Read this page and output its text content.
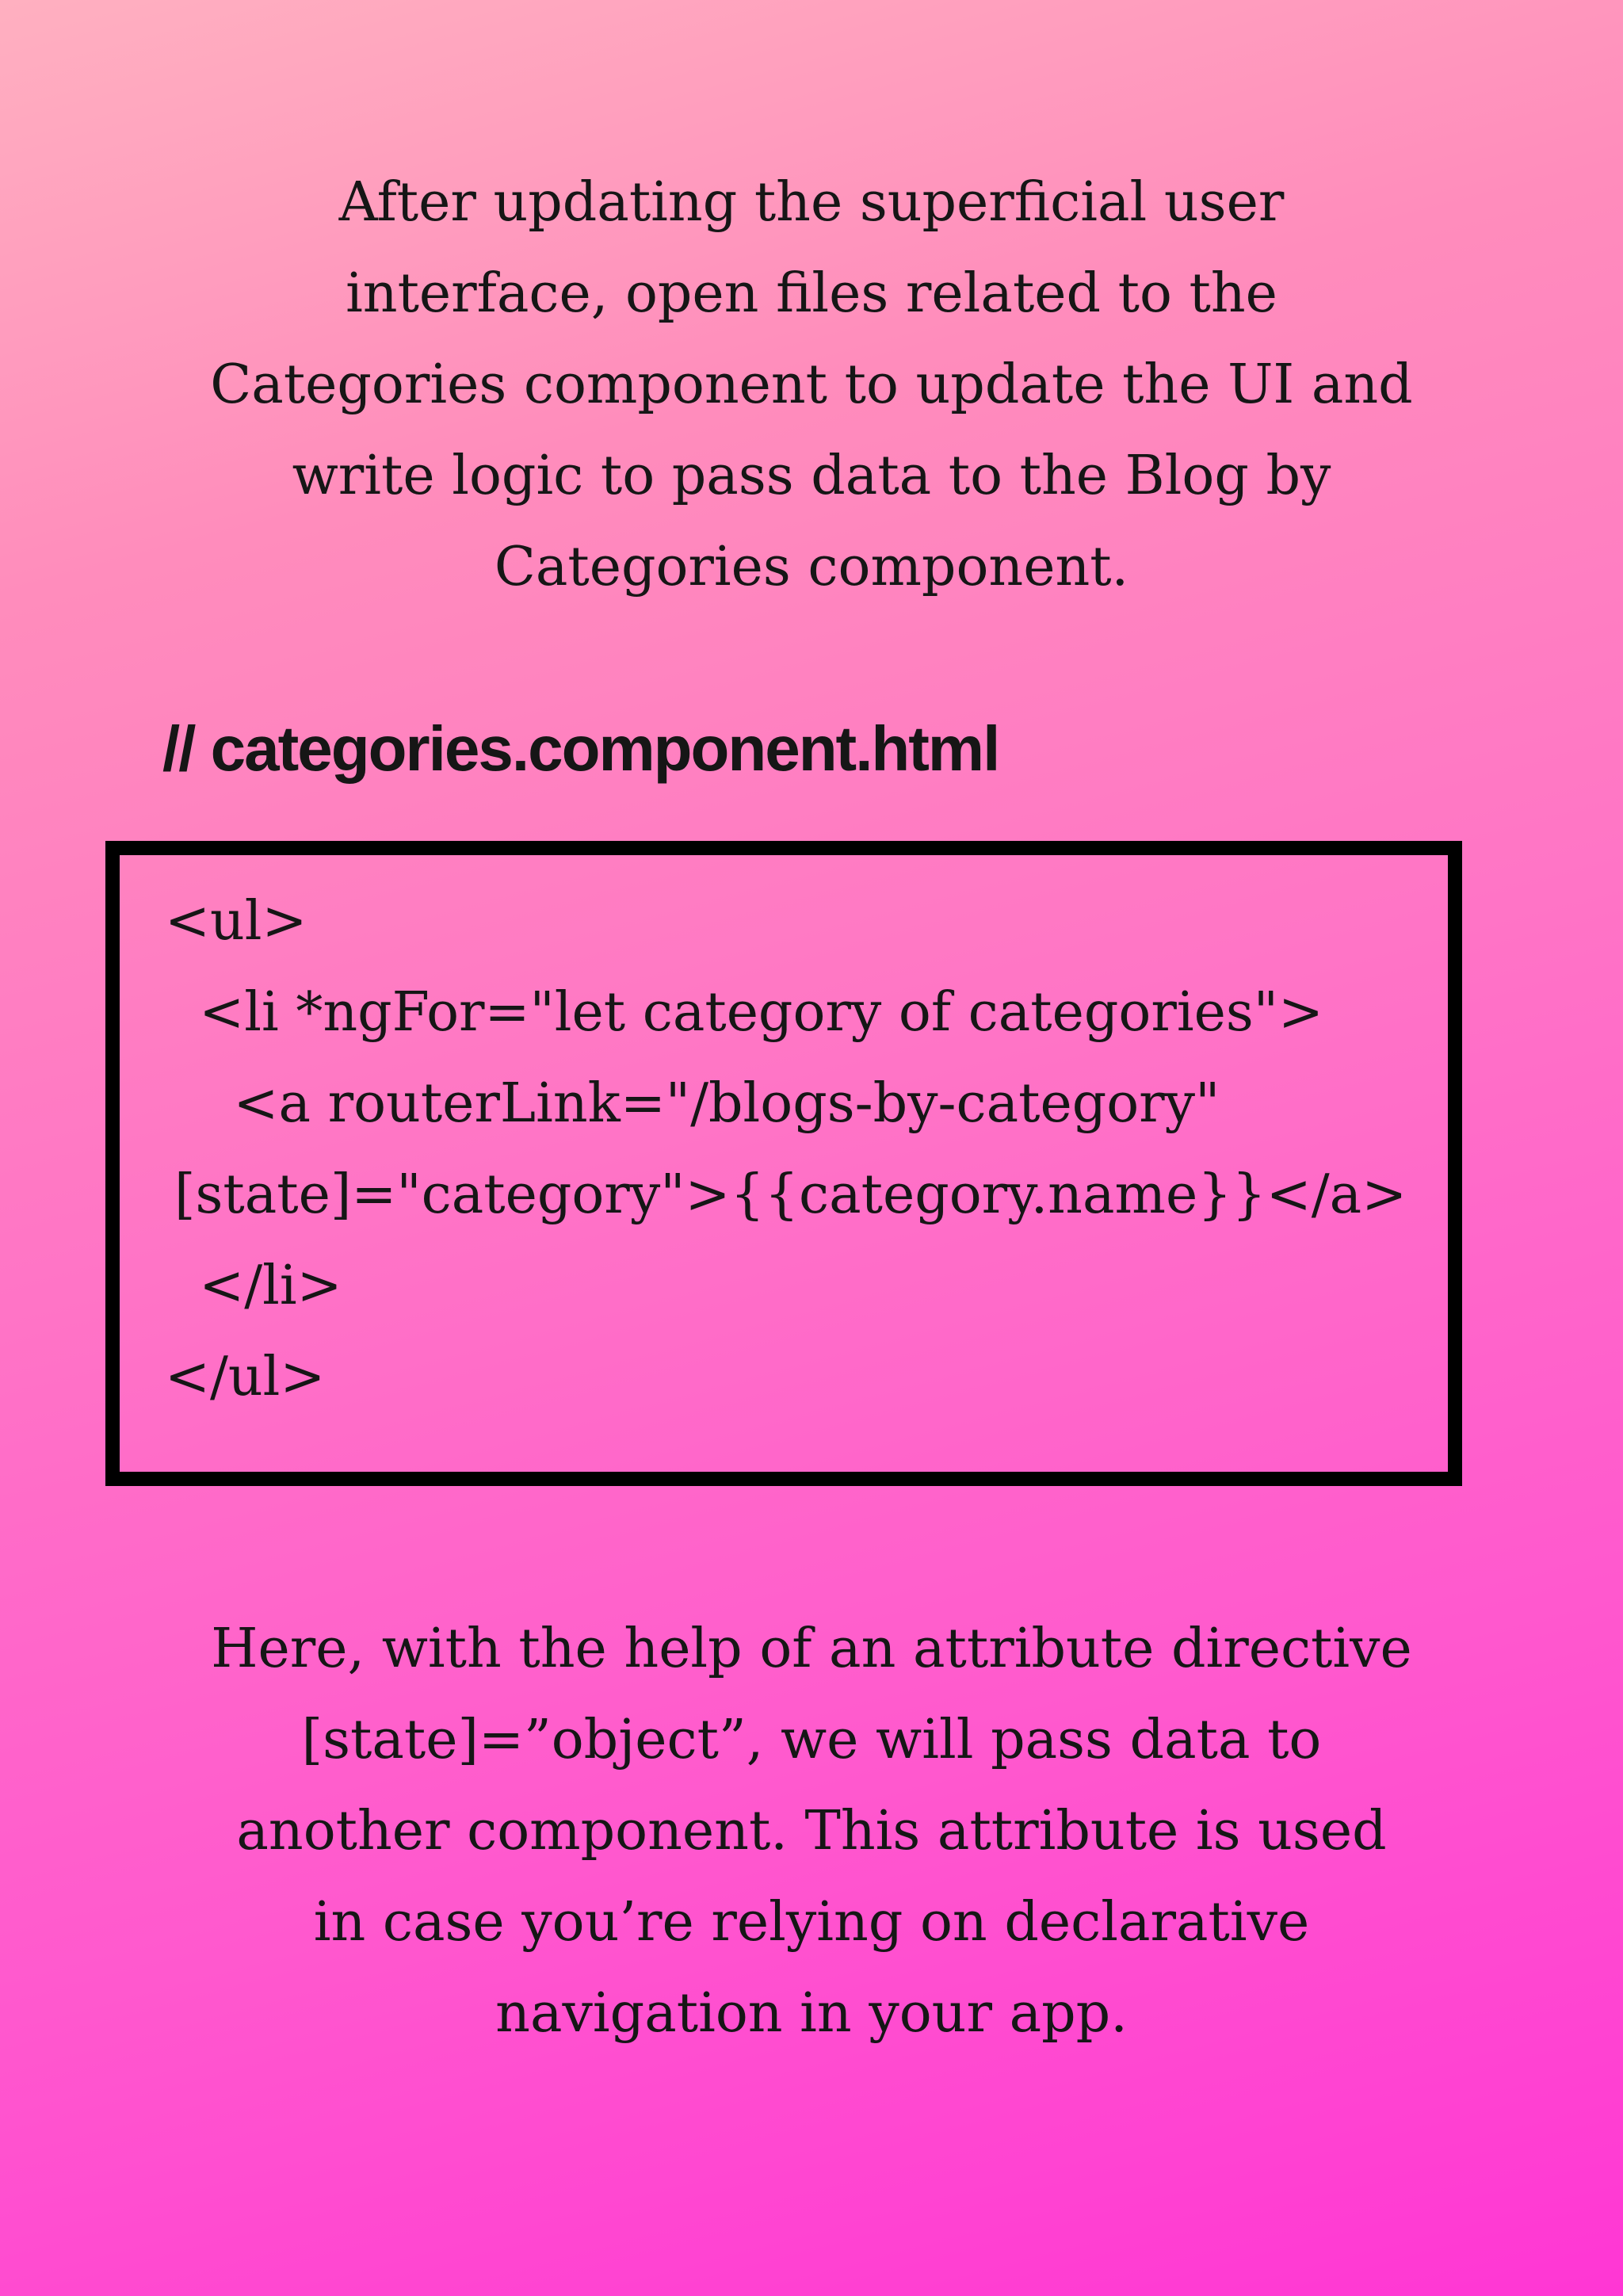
After updating the superficial user
interface, open files related to the
Categories component to update the UI and
write logic to pass data to the Blog by
Categories component.
// categories.component.html
<ul>
<li *ngFor="let category of categories">
<a routerLink="/blogs-by-category"
[state]="category">{{category.name}}</a>
</li>
</ul>
Here, with the help of an attribute directive
[state]=”object”, we will pass data to
another component. This attribute is used
in case you’re relying on declarative
navigation in your app.
